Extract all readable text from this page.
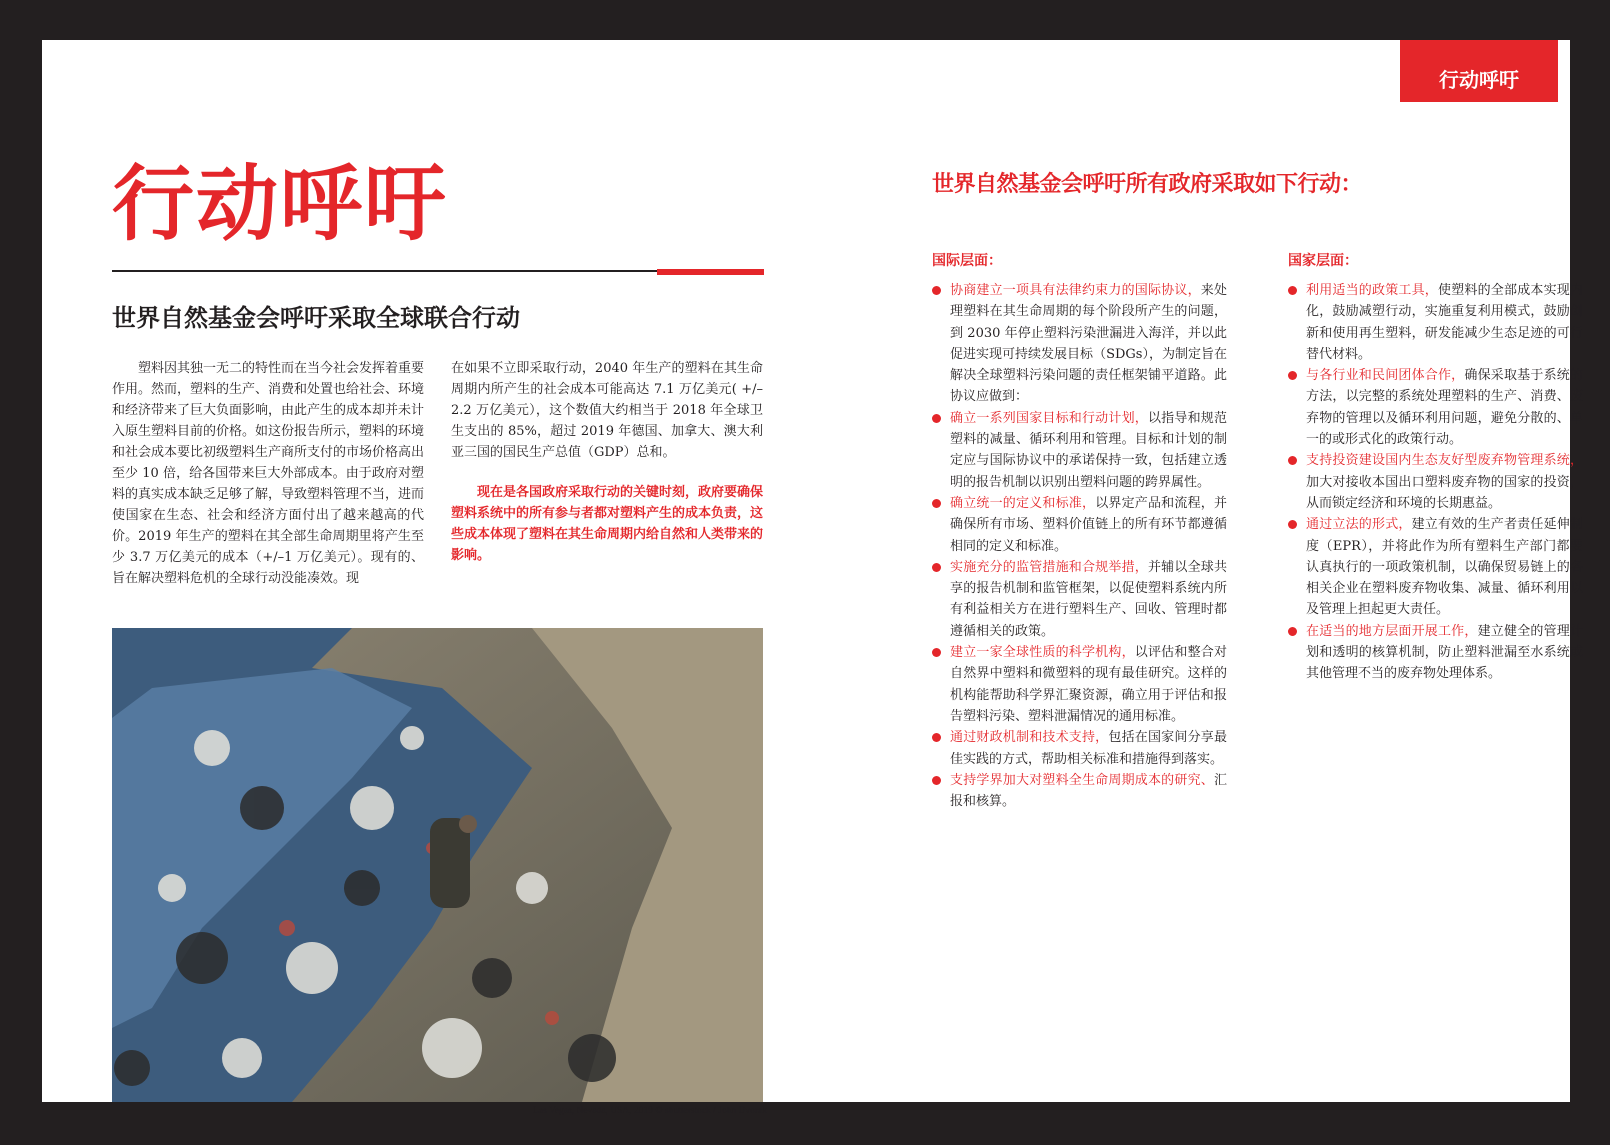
行动呼吁
行动呼吁
世界自然基金会呼吁采取全球联合行动

塑料因其独一无二的特性而在当今社会发挥着重要作用。然而，塑料的生产、消费和处置也给社会、环境和经济带来了巨大负面影响，由此产生的成本却并未计入原生塑料目前的价格。如这份报告所示，塑料的环境和社会成本要比初级塑料生产商所支付的市场价格高出至少 10 倍，给各国带来巨大外部成本。由于政府对塑料的真实成本缺乏足够了解，导致塑料管理不当，进而使国家在生态、社会和经济方面付出了越来越高的代价。2019 年生产的塑料在其全部生命周期里将产生至少 3.7 万亿美元的成本（+/–1 万亿美元）。现有的、旨在解决塑料危机的全球行动没能凑效。现

在如果不立即采取行动，2040 年生产的塑料在其生命周期内所产生的社会成本可能高达 7.1 万亿美元( +/–2.2 万亿美元），这个数值大约相当于 2018 年全球卫生支出的 85%，超过 2019 年德国、加拿大、澳大利亚三国的国民生产总值（GDP）总和。

现在是各国政府采取行动的关键时刻，政府要确保塑料系统中的所有参与者都对塑料产生的成本负责，这些成本体现了塑料在其生命周期内给自然和人类带来的影响。

Las Vegas, Nevada, USA, 2019 © shutterstock / John Dvorak
世界自然基金会呼吁所有政府采取如下行动：
国际层面：
协商建立一项具有法律约束力的国际协议，来处理塑料在其生命周期的每个阶段所产生的问题，到 2030 年停止塑料污染泄漏进入海洋，并以此促进实现可持续发展目标（SDGs），为制定旨在解决全球塑料污染问题的责任框架铺平道路。此协议应做到：
确立一系列国家目标和行动计划，以指导和规范塑料的减量、循环利用和管理。目标和计划的制定应与国际协议中的承诺保持一致，包括建立透明的报告机制以识别出塑料问题的跨界属性。
确立统一的定义和标准，以界定产品和流程，并确保所有市场、塑料价值链上的所有环节都遵循相同的定义和标准。
实施充分的监管措施和合规举措，并辅以全球共享的报告机制和监管框架，以促使塑料系统内所有利益相关方在进行塑料生产、回收、管理时都遵循相关的政策。
建立一家全球性质的科学机构，以评估和整合对自然界中塑料和微塑料的现有最佳研究。这样的机构能帮助科学界汇聚资源，确立用于评估和报告塑料污染、塑料泄漏情况的通用标准。
通过财政机制和技术支持，包括在国家间分享最佳实践的方式，帮助相关标准和措施得到落实。
支持学界加大对塑料全生命周期成本的研究、汇报和核算。
国家层面：
利用适当的政策工具，使塑料的全部成本实现内化，鼓励减塑行动，实施重复利用模式，鼓励创新和使用再生塑料，研发能减少生态足迹的可行替代材料。
与各行业和民间团体合作，确保采取基于系统的方法，以完整的系统处理塑料的生产、消费、废弃物的管理以及循环利用问题，避免分散的、单一的或形式化的政策行动。
支持投资建设国内生态友好型废弃物管理系统，加大对接收本国出口塑料废弃物的国家的投资，从而锁定经济和环境的长期惠益。
通过立法的形式，建立有效的生产者责任延伸制度（EPR），并将此作为所有塑料生产部门都要认真执行的一项政策机制，以确保贸易链上的各相关企业在塑料废弃物收集、减量、循环利用以及管理上担起更大责任。
在适当的地方层面开展工作，建立健全的管理计划和透明的核算机制，防止塑料泄漏至水系统或其他管理不当的废弃物处理体系。
